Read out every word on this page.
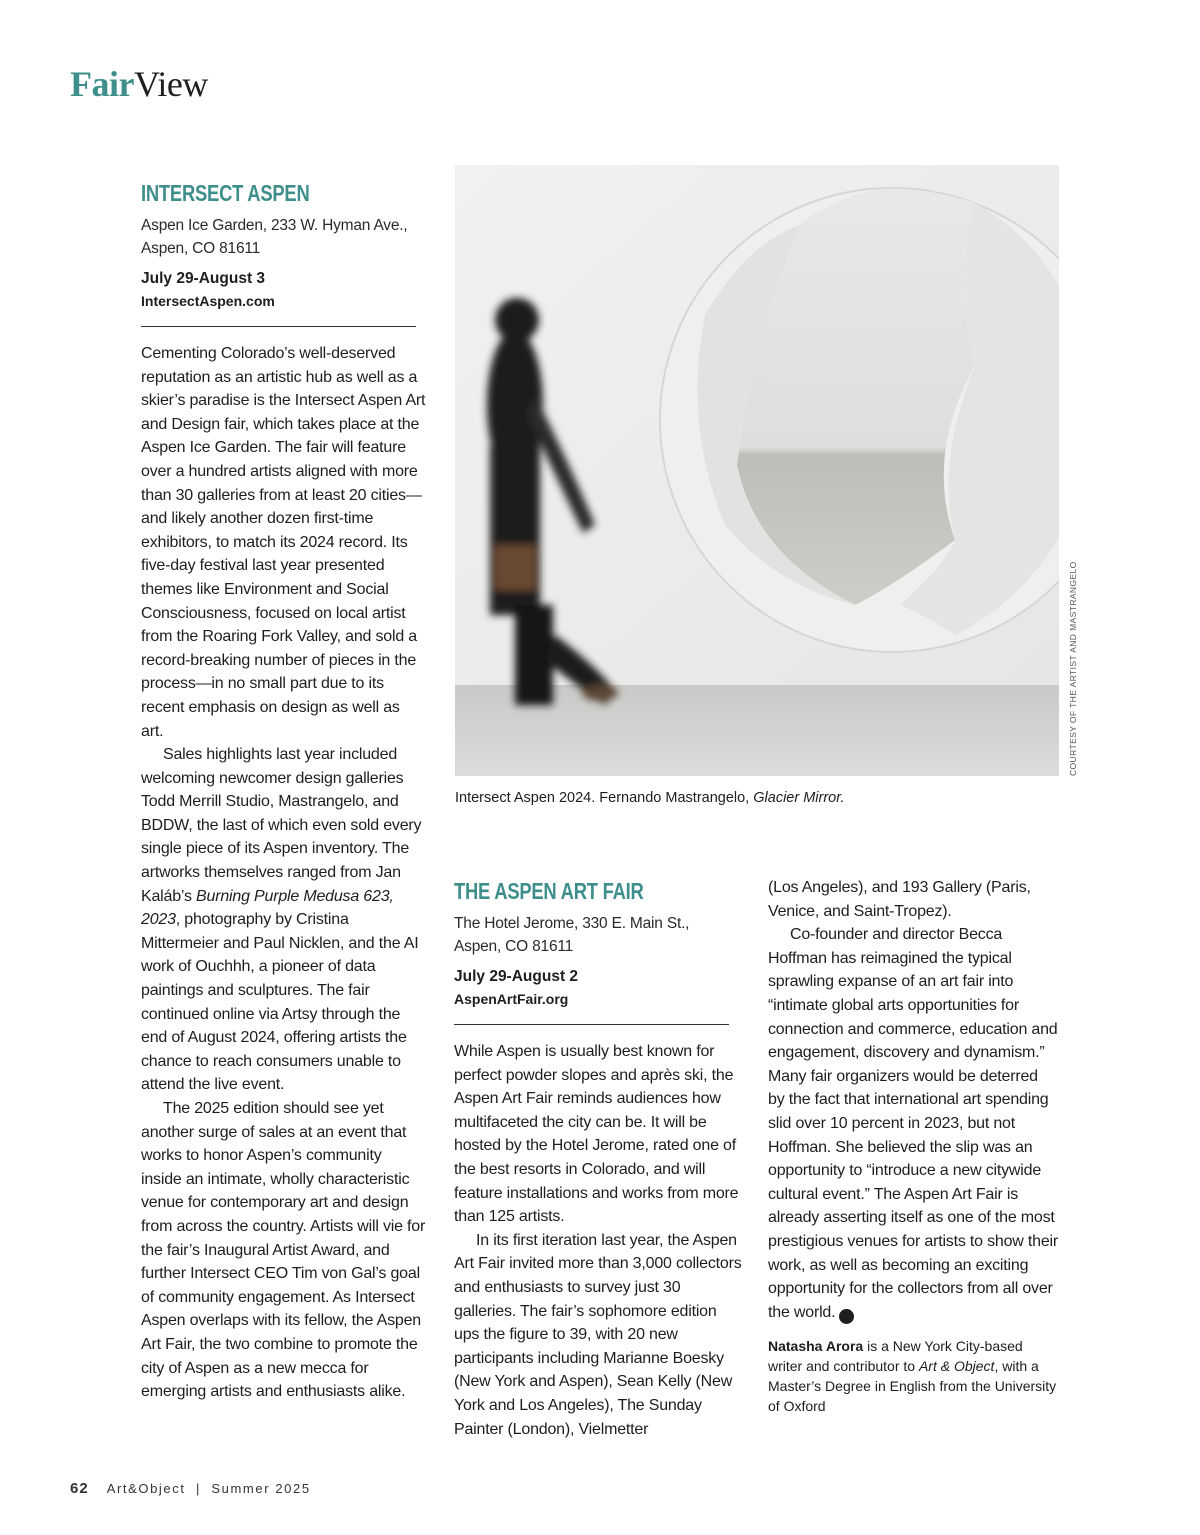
FairView
INTERSECT ASPEN
Aspen Ice Garden, 233 W. Hyman Ave.,
Aspen, CO 81611
July 29-August 3
IntersectAspen.com

Cementing Colorado’s well-deserved reputation as an artistic hub as well as a skier’s paradise is the Intersect Aspen Art and Design fair, which takes place at the Aspen Ice Garden. The fair will feature over a hundred artists aligned with more than 30 galleries from at least 20 cities—and likely another dozen first-time exhibitors, to match its 2024 record. Its five-day festival last year presented themes like Environment and Social Consciousness, focused on local artist from the Roaring Fork Valley, and sold a record-breaking number of pieces in the process—in no small part due to its recent emphasis on design as well as art.

Sales highlights last year included welcoming newcomer design galleries Todd Merrill Studio, Mastrangelo, and BDDW, the last of which even sold every single piece of its Aspen inventory. The artworks themselves ranged from Jan Kaláb’s Burning Purple Medusa 623, 2023, photography by Cristina Mittermeier and Paul Nicklen, and the AI work of Ouchhh, a pioneer of data paintings and sculptures. The fair continued online via Artsy through the end of August 2024, offering artists the chance to reach consumers unable to attend the live event.

The 2025 edition should see yet another surge of sales at an event that works to honor Aspen’s community inside an intimate, wholly characteristic venue for contemporary art and design from across the country. Artists will vie for the fair’s Inaugural Artist Award, and further Intersect CEO Tim von Gal’s goal of community engagement. As Intersect Aspen overlaps with its fellow, the Aspen Art Fair, the two combine to promote the city of Aspen as a new mecca for emerging artists and enthusiasts alike.

Intersect Aspen 2024. Fernando Mastrangelo, Glacier Mirror.
COURTESY OF THE ARTIST AND MASTRANGELO
THE ASPEN ART FAIR
The Hotel Jerome, 330 E. Main St.,
Aspen, CO 81611
July 29-August 2
AspenArtFair.org

While Aspen is usually best known for perfect powder slopes and après ski, the Aspen Art Fair reminds audiences how multifaceted the city can be. It will be hosted by the Hotel Jerome, rated one of the best resorts in Colorado, and will feature installations and works from more than 125 artists.

In its first iteration last year, the Aspen Art Fair invited more than 3,000 collectors and enthusiasts to survey just 30 galleries. The fair’s sophomore edition ups the figure to 39, with 20 new participants including Marianne Boesky (New York and Aspen), Sean Kelly (New York and Los Angeles), The Sunday Painter (London), Vielmetter

(Los Angeles), and 193 Gallery (Paris, Venice, and Saint-Tropez).

Co-founder and director Becca Hoffman has reimagined the typical sprawling expanse of an art fair into “intimate global arts opportunities for connection and commerce, education and engagement, discovery and dynamism.” Many fair organizers would be deterred by the fact that international art spending slid over 10 percent in 2023, but not Hoffman. She believed the slip was an opportunity to “introduce a new citywide cultural event.” The Aspen Art Fair is already asserting itself as one of the most prestigious venues for artists to show their work, as well as becoming an exciting opportunity for the collectors from all over the world.	AO

Natasha Arora is a New York City-based writer and contributor to Art & Object, with a Master’s Degree in English from the University of Oxford
62 Art&Object | Summer 2025
